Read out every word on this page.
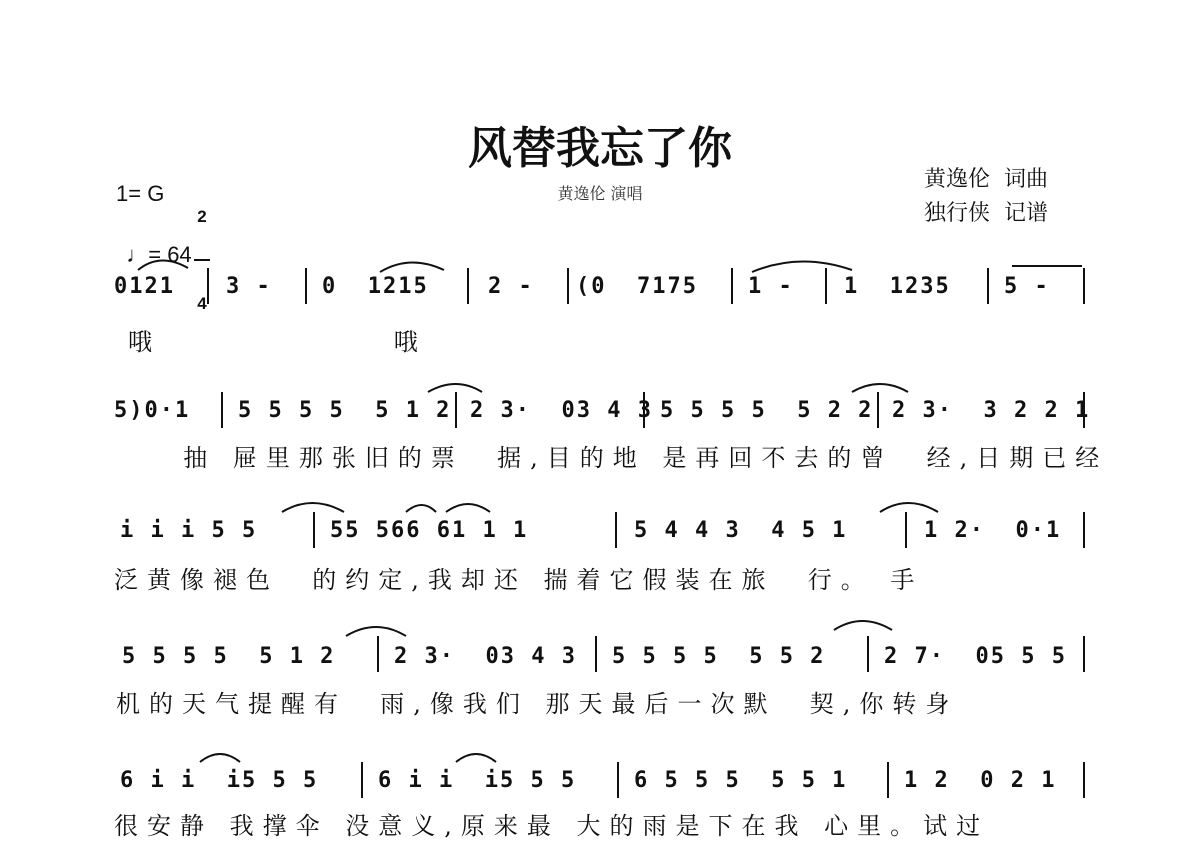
风替我忘了你
黄逸伦 演唱
黄逸伦  词曲
独行侠  记谱
1= G

2

4

♩= 64

0121 3 - 0  1215	2 - (0  7175 1 - 1  1235 5 -
哦              哦
5)0·1 5 5 5 5  5 1 2 2 3·  03 4 3 5 5 5 5  5 2 2 2 3·  3 2 2 1
抽 屉里那张旧的票  据,目的地 是再回不去的曾  经,日期已经
i i i 5 5	55 566 61 1 1	5 4 4 3  4 5 1	1 2·  0·1
泛黄像褪色  的约定,我却还 揣着它假装在旅  行。 手
5 5 5 5  5 1 2	2 3·  03 4 3 5 5 5 5  5 5 2	2 7·  05 5 5
机的天气提醒有  雨,像我们 那天最后一次默  契,你转身
6 i i  i5 5 5	6 i i  i5 5 5	6 5 5 5  5 5 1	1 2  0 2 1
很安静 我撑伞 没意义,原来最 大的雨是下在我 心里。试过
